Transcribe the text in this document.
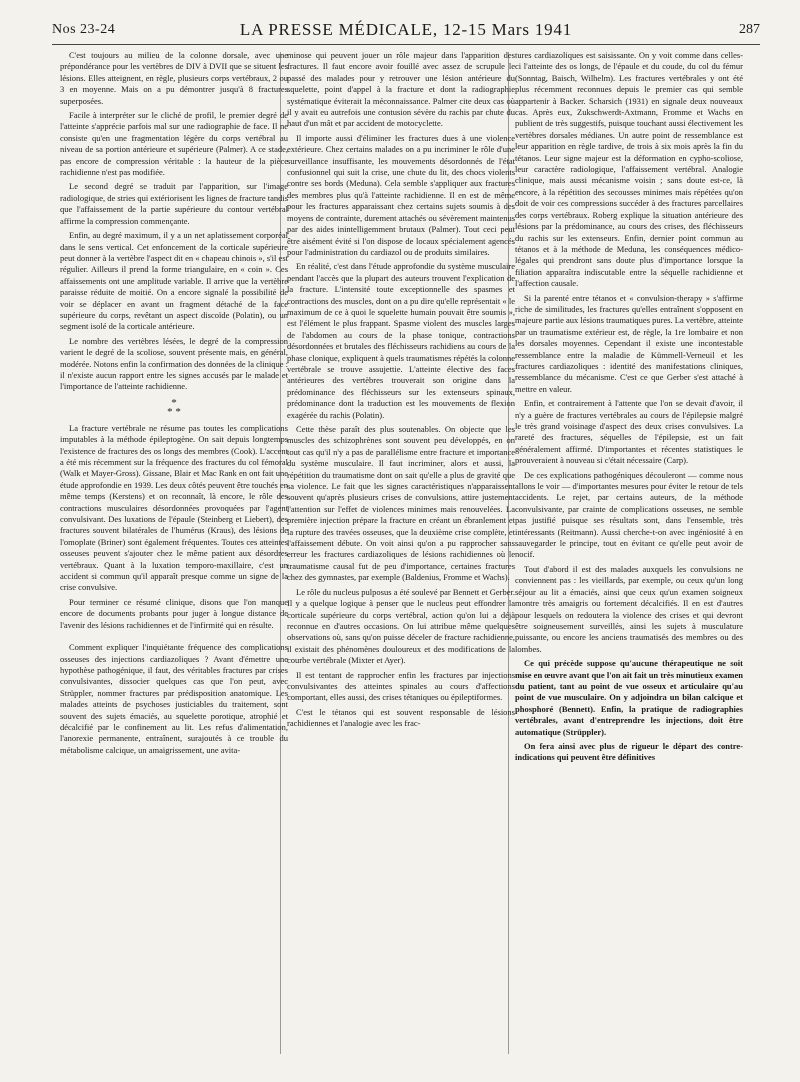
Nos 23-24	LA PRESSE MÉDICALE, 12-15 Mars 1941	287

C'est toujours au milieu de la colonne dorsale, avec une prépondérance pour les vertèbres de DIV à DVII que se situent les lésions. Elles atteignent, en règle, plusieurs corps vertébraux, 2 ou 3 en moyenne. Mais on a pu démontrer jusqu'à 8 fractures superposées.

Facile à interpréter sur le cliché de profil, le premier degré de l'atteinte s'apprécie parfois mal sur une radiographie de face. Il ne consiste qu'en une fragmentation légère du corps vertébral au niveau de sa portion antérieure et supérieure (Palmer). A ce stade, pas encore de compression véritable : la hauteur de la pièce rachidienne n'est pas modifiée.

Le second degré se traduit par l'apparition, sur l'image radiologique, de stries qui extériorisent les lignes de fracture tandis que l'affaissement de la partie supérieure du contour vertébral affirme la compression commençante.

Enfin, au degré maximum, il y a un net aplatissement corporéal dans le sens vertical. Cet enfoncement de la corticale supérieure peut donner à la vertèbre l'aspect dit en « chapeau chinois », s'il est régulier. Ailleurs il prend la forme triangulaire, en « coin ». Ces affaissements ont une amplitude variable. Il arrive que la vertèbre paraisse réduite de moitié. On a encore signalé la possibilité de voir se déplacer en avant un fragment détaché de la face supérieure du corps, revêtant un aspect discoïde (Polatin), ou un segment isolé de la corticale antérieure.

Le nombre des vertèbres lésées, le degré de la compression varient le degré de la scoliose, souvent présente mais, en général, modérée. Notons enfin la confirmation des données de la clinique : il n'existe aucun rapport entre les signes accusés par le malade et l'importance de l'atteinte rachidienne.

*
* *

La fracture vertébrale ne résume pas toutes les complications imputables à la méthode épileptogène. On sait depuis longtemps l'existence de fractures des os longs des membres (Cook). L'accent a été mis récemment sur la fréquence des fractures du col fémoral (Walk et Mayer-Gross). Gissane, Blair et Mac Rank en ont fait une étude approfondie en 1939. Les deux côtés peuvent être touchés en même temps (Kerstens) et on reconnaît, là encore, le rôle des contractions musculaires désordonnées provoquées par l'agent convulsivant. Des luxations de l'épaule (Steinberg et Liebert), des fractures souvent bilatérales de l'humérus (Kraus), des lésions de l'omoplate (Briner) sont également fréquentes. Toutes ces atteintes osseuses peuvent s'ajouter chez le même patient aux désordres vertébraux. Quant à la luxation temporo-maxillaire, c'est un accident si commun qu'il apparaît presque comme un signe de la crise convulsive.

Pour terminer ce résumé clinique, disons que l'on manque encore de documents probants pour juger à longue distance de l'avenir des lésions rachidiennes et de l'infirmité qui en résulte.

Comment expliquer l'inquiétante fréquence des complications osseuses des injections cardiazoliques ? Avant d'émettre une hypothèse pathogénique, il faut, des véritables fractures par crises convulsivantes, dissocier quelques cas que l'on peut, avec Strüppler, nommer fractures par prédisposition anatomique. Les malades atteints de psychoses justiciables du traitement, sont souvent des sujets émaciés, au squelette porotique, atrophié et décalcifié par le confinement au lit. Les refus d'alimentation, l'anorexie permanente, entraînent, surajoutés à ce trouble du métabolisme calcique, un amaigrissement, une avita-

minose qui peuvent jouer un rôle majeur dans l'apparition des fractures. Il faut encore avoir fouillé avec assez de scrupule le passé des malades pour y retrouver une lésion antérieure du squelette, point d'appel à la fracture et dont la radiographie systématique éviterait la méconnaissance. Palmer cite deux cas où il y avait eu autrefois une contusion sévère du rachis par chute du haut d'un mât et par accident de motocyclette.

Il importe aussi d'éliminer les fractures dues à une violence extérieure. Chez certains malades on a pu incriminer le rôle d'une surveillance insuffisante, les mouvements désordonnés de l'état confusionnel qui suit la crise, une chute du lit, des chocs violents contre ses bords (Meduna). Cela semble s'appliquer aux fractures des membres plus qu'à l'atteinte rachidienne. Il en est de même pour les fractures apparaissant chez certains sujets soumis à des moyens de contrainte, durement attachés ou sévèrement maintenus par des aides inintelligemment brutaux (Palmer). Tout ceci peut être aisément évité si l'on dispose de locaux spécialement agencés pour l'administration du cardiazol ou de produits similaires.

En réalité, c'est dans l'étude approfondie du système musculaire pendant l'accès que la plupart des auteurs trouvent l'explication de la fracture. L'intensité toute exceptionnelle des spasmes et contractions des muscles, dont on a pu dire qu'elle représentait « le maximum de ce à quoi le squelette humain pouvait être soumis », est l'élément le plus frappant. Spasme violent des muscles larges de l'abdomen au cours de la phase tonique, contractions désordonnées et brutales des fléchisseurs rachidiens au cours de la phase clonique, expliquent à quels traumatismes répétés la colonne vertébrale se trouve assujettie. L'atteinte élective des faces antérieures des vertèbres trouverait son origine dans la prédominance des fléchisseurs sur les extenseurs spinaux, prédominance dont la traduction est les mouvements de flexion exagérée du rachis (Polatin).

Cette thèse paraît des plus soutenables. On objecte que les muscles des schizophrènes sont souvent peu développés, en on tout cas qu'il n'y a pas de parallélisme entre fracture et importance du système musculaire. Il faut incriminer, alors et aussi, la répétition du traumatisme dont on sait qu'elle a plus de gravité que sa violence. Le fait que les signes caractéristiques n'apparaissent souvent qu'après plusieurs crises de convulsions, attire justement l'attention sur l'effet de violences minimes mais renouvelées. La première injection prépare la fracture en créant un ébranlement et la rupture des travées osseuses, que la deuxième crise complète, et l'affaissement débute. On voit ainsi qu'on a pu rapprocher sans erreur les fractures cardiazoliques de lésions rachidiennes où le traumatisme causal fut de peu d'importance, certaines fractures chez des gymnastes, par exemple (Baldenius, Fromme et Wachs).

Le rôle du nucleus pulposus a été soulevé par Bennett et Gerber. Il y a quelque logique à penser que le nucleus peut effondrer la corticale supérieure du corps vertébral, action qu'on lui a déjà reconnue en d'autres occasions. On lui attribue même quelques observations où, sans qu'on puisse déceler de fracture rachidienne, il existait des phénomènes douloureux et des modifications de la courbe vertébrale (Mixter et Ayer).

Il est tentant de rapprocher enfin les fractures par injections convulsivantes des atteintes spinales au cours d'affections comportant, elles aussi, des crises tétaniques ou épileptiformes.

C'est le tétanos qui est souvent responsable de lésions rachidiennes et l'analogie avec les frac-

tures cardiazoliques est saisissante. On y voit comme dans celles-ci l'atteinte des os longs, de l'épaule et du coude, du col du fémur (Sonntag, Baisch, Wilhelm). Les fractures vertébrales y ont été plus récemment reconnues depuis le premier cas qui semble appartenir à Backer. Scharsich (1931) en signale deux nouveaux cas. Après eux, Zukschwerdt-Axtmann, Fromme et Wachs en publient de très suggestifs, puisque touchant aussi électivement les vertèbres dorsales médianes. Un autre point de ressemblance est leur apparition en règle tardive, de trois à six mois après la fin du tétanos. Leur signe majeur est la déformation en cypho-scoliose, leur caractère radiologique, l'affaissement vertébral. Analogie clinique, mais aussi mécanisme voisin ; sans doute est-ce, là encore, à la répétition des secousses minimes mais répétées qu'on doit de voir ces compressions succéder à des fractures parcellaires des corps vertébraux. Roberg explique la situation antérieure des lésions par la prédominance, au cours des crises, des fléchisseurs du rachis sur les extenseurs. Enfin, dernier point commun au tétanos et à la méthode de Meduna, les conséquences médico-légales qui prendront sans doute plus d'importance lorsque la filiation apparaîtra indiscutable entre la séquelle rachidienne et l'affection causale.

Si la parenté entre tétanos et « convulsion-therapy » s'affirme riche de similitudes, les fractures qu'elles entraînent s'opposent en majeure partie aux lésions traumatiques pures. La vertèbre, atteinte par un traumatisme extérieur est, de règle, la 1re lombaire et non les dorsales moyennes. Cependant il existe une incontestable ressemblance entre la maladie de Kümmell-Verneuil et les fractures cardiazoliques : identité des manifestations cliniques, ressemblance du mécanisme. C'est ce que Gerber s'est attaché à mettre en valeur.

Enfin, et contrairement à l'attente que l'on se devait d'avoir, il n'y a guère de fractures vertébrales au cours de l'épilepsie malgré le très grand voisinage d'aspect des deux crises convulsives. La rareté des fractures, séquelles de l'épilepsie, est un fait généralement affirmé. D'importantes et récentes statistiques le prouveraient à nouveau si c'était nécessaire (Carp).

De ces explications pathogéniques découleront — comme nous allons le voir — d'importantes mesures pour éviter le retour de tels accidents. Le rejet, par certains auteurs, de la méthode convulsivante, par crainte de complications osseuses, ne semble pas justifié puisque ses résultats sont, dans l'ensemble, très intéressants (Reitmann). Aussi cherche-t-on avec ingéniosité à en sauvegarder le principe, tout en évitant ce qu'elle peut avoir de nocif.

Tout d'abord il est des malades auxquels les convulsions ne conviennent pas : les vieillards, par exemple, ou ceux qu'un long séjour au lit a émaciés, ainsi que ceux qu'un examen soigneux montre très amaigris ou fortement décalcifiés. Il en est d'autres pour lesquels on redoutera la violence des crises et qui devront être soigneusement surveillés, ainsi les sujets à musculature puissante, ou encore les anciens traumatisés des membres ou des lombes.

Ce qui précède suppose qu'aucune thérapeutique ne soit mise en œuvre avant que l'on ait fait un très minutieux examen du patient, tant au point de vue osseux et articulaire qu'au point de vue musculaire. On y adjoindra un bilan calcique et phosphoré (Bennett). Enfin, la pratique de radiographies vertébrales, avant d'entreprendre les injections, doit être automatique (Strüppler).

On fera ainsi avec plus de rigueur le départ des contre-indications qui peuvent être définitives
